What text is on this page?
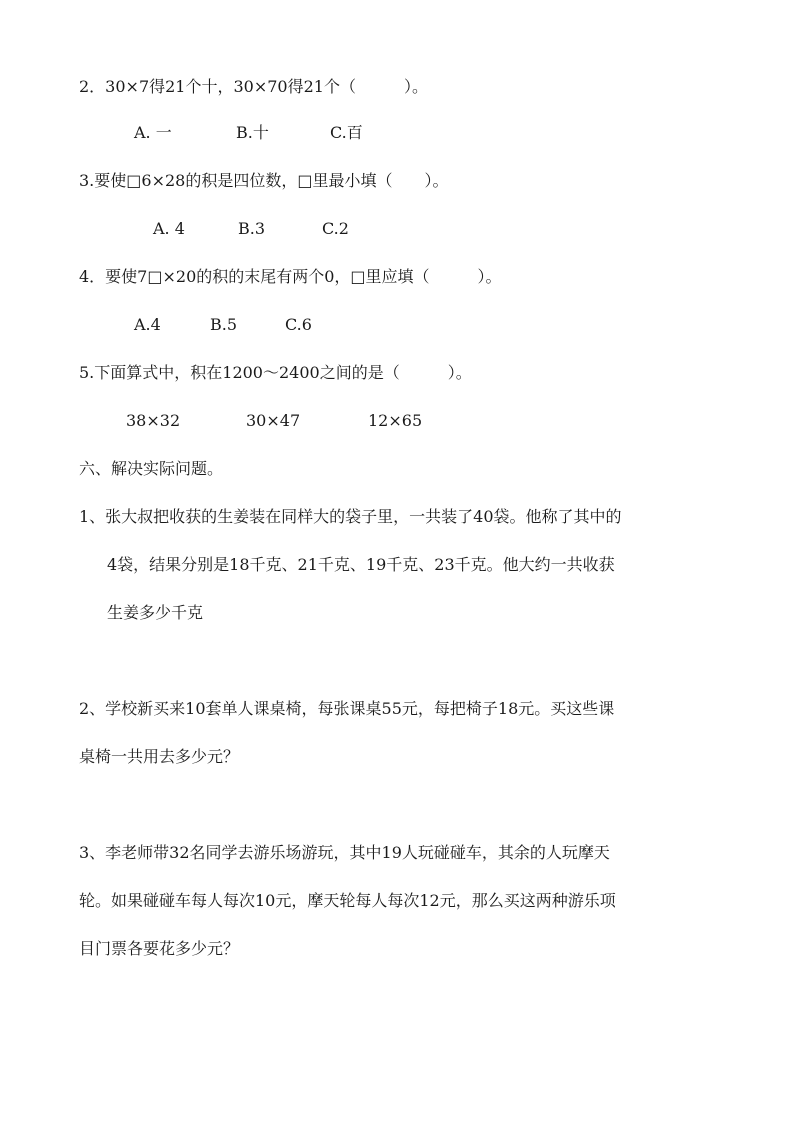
2．30×7得21个十，30×70得21个（　　　）。
A. 一	B.十	C.百
3.要使□6×28的积是四位数，□里最小填（　　）。
A. 4	B.3	C.2
4．要使7□×20的积的末尾有两个0，□里应填（　　　）。
A.4	B.5	C.6
5.下面算式中，积在1200～2400之间的是（　　　）。
38×32	30×47	12×65
六、解决实际问题。
1、张大叔把收获的生姜装在同样大的袋子里，一共装了40袋。他称了其中的
4袋，结果分别是18千克、21千克、19千克、23千克。他大约一共收获
生姜多少千克
2、学校新买来10套单人课桌椅，每张课桌55元，每把椅子18元。买这些课
桌椅一共用去多少元？
3、李老师带32名同学去游乐场游玩，其中19人玩碰碰车，其余的人玩摩天
轮。如果碰碰车每人每次10元，摩天轮每人每次12元，那么买这两种游乐项
目门票各要花多少元？
